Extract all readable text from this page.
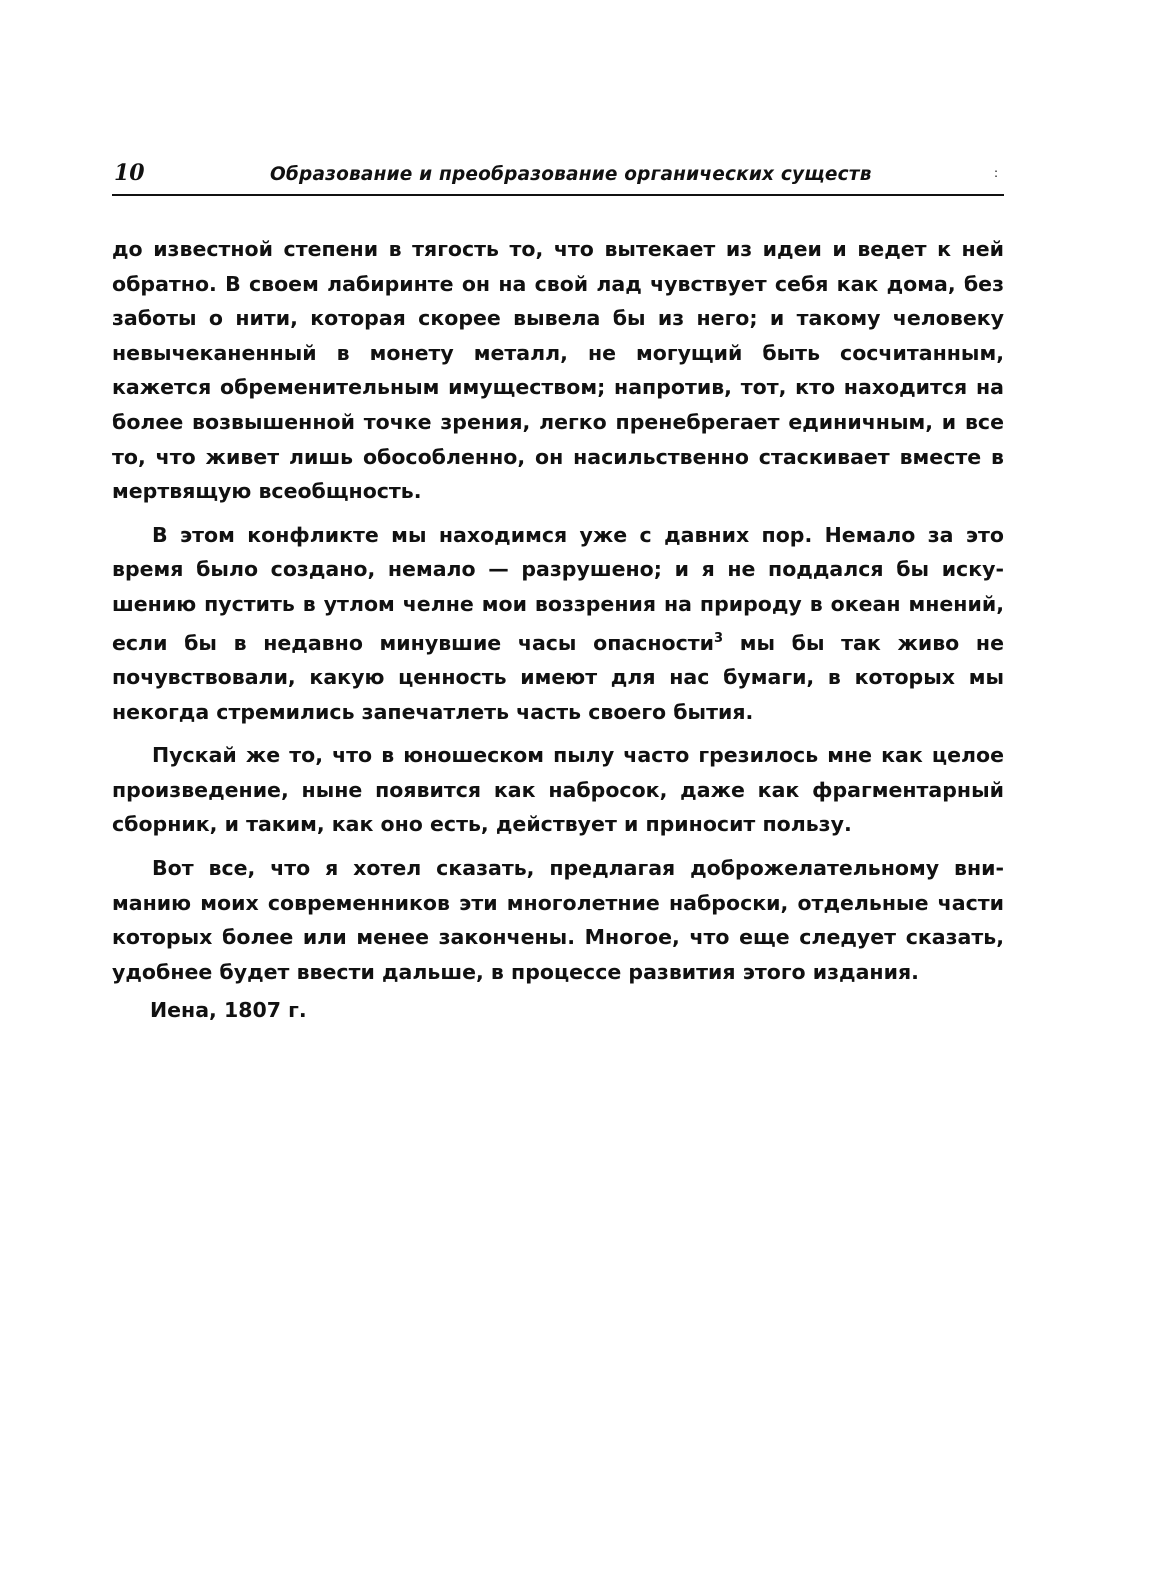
10	Образование и преобразование органических существ	:

до известной степени в тягость то, что вытекает из идеи и ведет к ней обратно. В своем лабиринте он на свой лад чувствует себя как дома, без заботы о нити, которая скорее вывела бы из него; и такому человеку невычеканенный в монету металл, не могущий быть сосчитанным, кажется обременительным имуществом; напротив, тот, кто находится на более возвышенной точке зрения, легко пренебрегает единичным, и все то, что живет лишь обособленно, он насильственно стаскивает вместе в мертвящую всеобщность.

В этом конфликте мы находимся уже с давних пор. Немало за это время было создано, немало — разрушено; и я не поддался бы искушению пустить в утлом челне мои воззрения на природу в океан мнений, если бы в недавно минувшие часы опасности$^3$ мы бы так живо не почувствовали, какую ценность имеют для нас бумаги, в которых мы некогда стремились запечатлеть часть своего бытия.

Пускай же то, что в юношеском пылу часто грезилось мне как целое произведение, ныне появится как набросок, даже как фрагментарный сборник, и таким, как оно есть, действует и приносит пользу.

Вот все, что я хотел сказать, предлагая доброжелательному вниманию моих современников эти многолетние наброски, отдельные части которых более или менее закончены. Многое, что еще следует сказать, удобнее будет ввести дальше, в процессе развития этого издания.

Иена, 1807 г.
